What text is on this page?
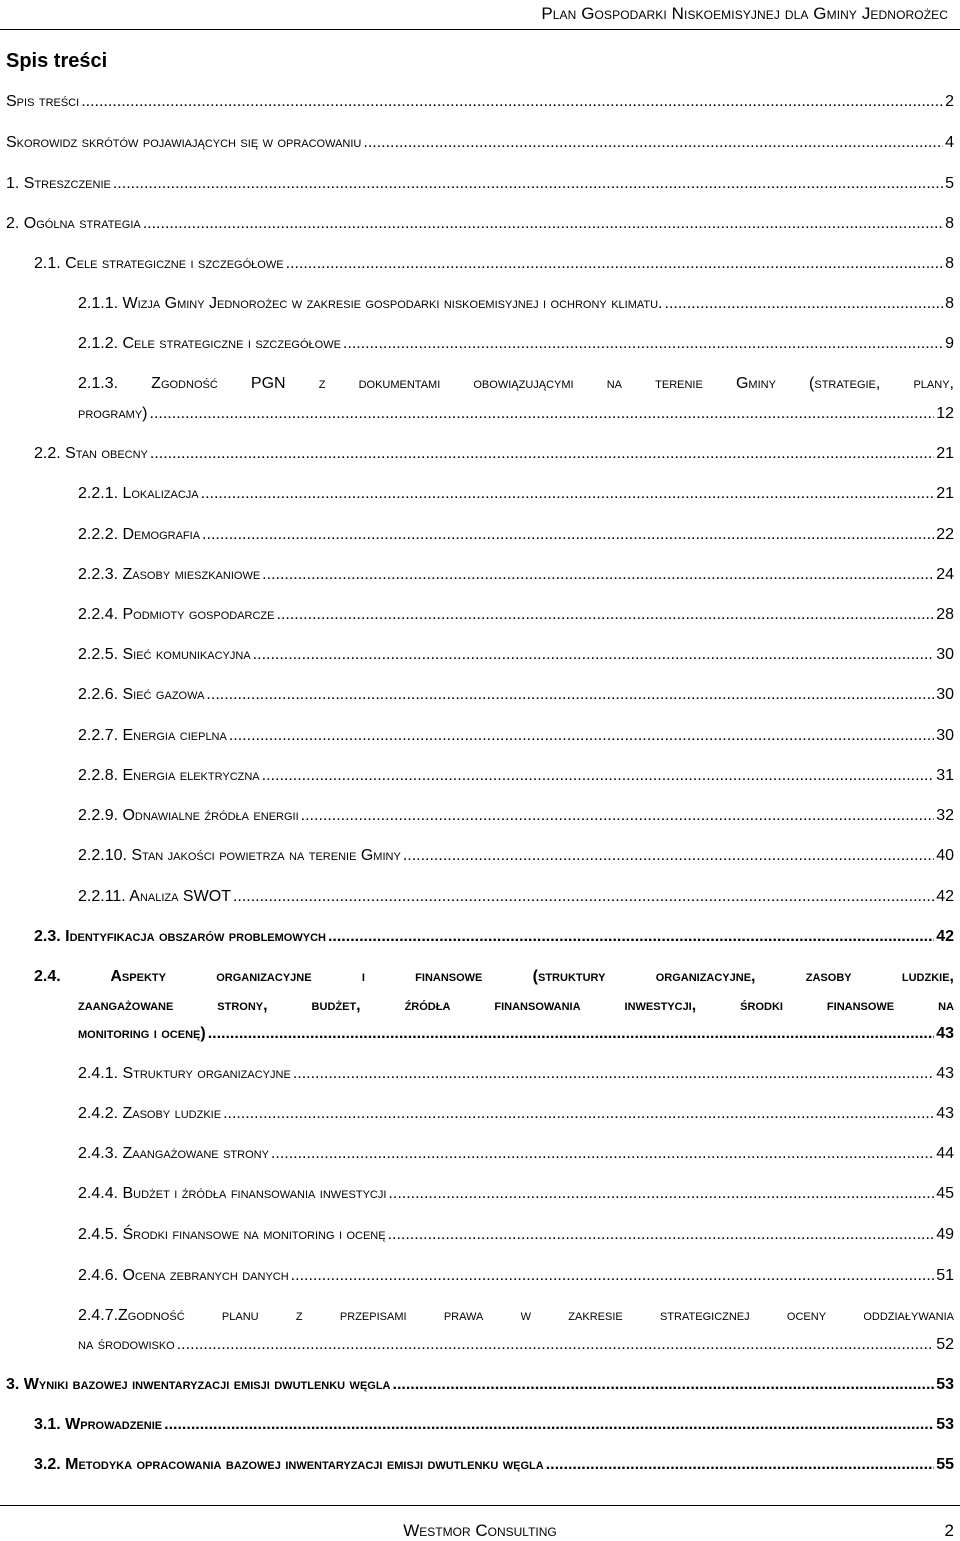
Plan Gospodarki Niskoemisyjnej dla Gminy Jednorożec
Spis treści
Spis treści .....	2
Skorowidz skrótów pojawiających się w opracowaniu .....	4
1. Streszczenie .....	5
2. Ogólna strategia .....	8
2.1. Cele strategiczne i szczegółowe .....	8
2.1.1. Wizja Gminy Jednorożec w zakresie gospodarki niskoemisyjnej i ochrony klimatu. .....	8
2.1.2. Cele strategiczne i szczegółowe .....	9
2.1.3. Zgodność PGN z dokumentami obowiązującymi na terenie Gminy (strategie, plany,
programy) .....	12
2.2. Stan obecny .....	21
2.2.1. Lokalizacja .....	21
2.2.2. Demografia .....	22
2.2.3. Zasoby mieszkaniowe .....	24
2.2.4. Podmioty gospodarcze .....	28
2.2.5. Sieć komunikacyjna .....	30
2.2.6. Sieć gazowa .....	30
2.2.7. Energia cieplna .....	30
2.2.8. Energia elektryczna .....	31
2.2.9. Odnawialne źródła energii .....	32
2.2.10. Stan jakości powietrza na terenie Gminy .....	40
2.2.11. Analiza SWOT .....	42
2.3. Identyfikacja obszarów problemowych .....	42
2.4. Aspekty organizacyjne i finansowe (struktury organizacyjne, zasoby ludzkie,
zaangażowane strony, budżet, źródła finansowania inwestycji, środki finansowe na
monitoring i ocenę) .....	43
2.4.1. Struktury organizacyjne .....	43
2.4.2. Zasoby ludzkie .....	43
2.4.3. Zaangażowane strony .....	44
2.4.4. Budżet i źródła finansowania inwestycji .....	45
2.4.5. Środki finansowe na monitoring i ocenę .....	49
2.4.6. Ocena zebranych danych .....	51
2.4.7.Zgodność planu z przepisami prawa w zakresie strategicznej oceny oddziaływania
na środowisko .....	52
3. Wyniki bazowej inwentaryzacji emisji dwutlenku węgla .....	53
3.1. Wprowadzenie .....	53
3.2. Metodyka opracowania bazowej inwentaryzacji emisji dwutlenku węgla .....	55
Westmor Consulting	2
